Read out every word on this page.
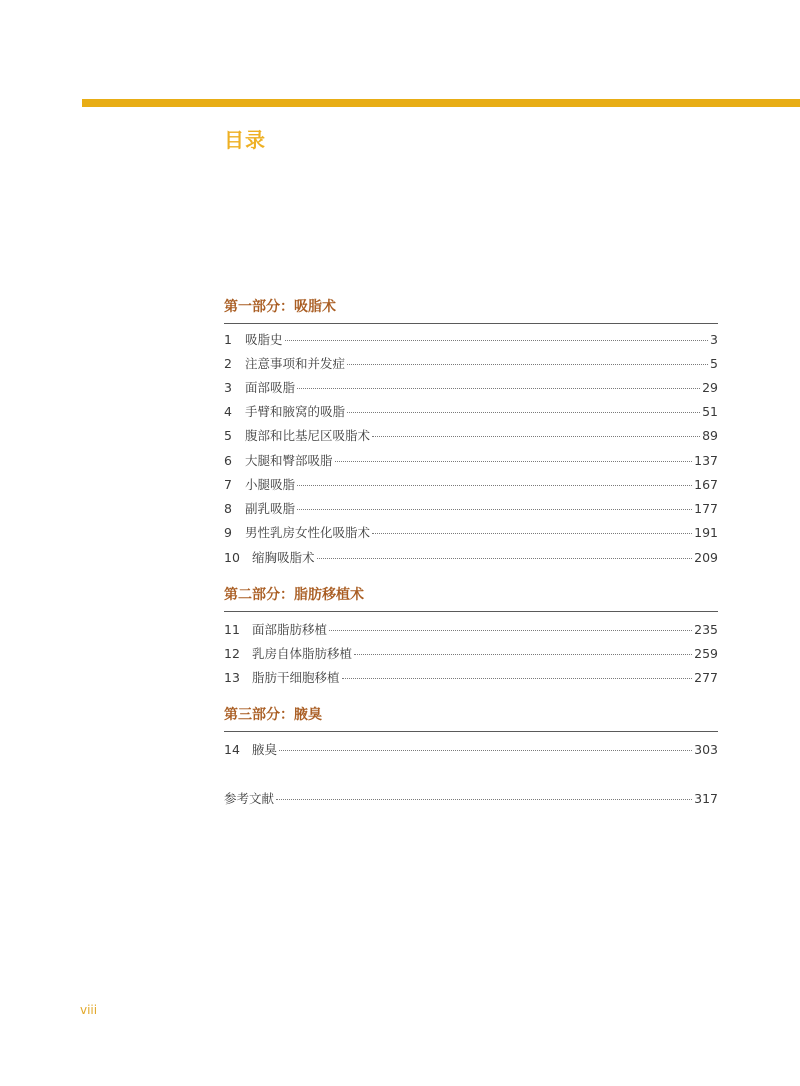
目录
第一部分：吸脂术
1	吸脂史	3
2	注意事项和并发症	5
3	面部吸脂	29
4	手臂和腋窝的吸脂	51
5	腹部和比基尼区吸脂术	89
6	大腿和臀部吸脂	137
7	小腿吸脂	167
8	副乳吸脂	177
9	男性乳房女性化吸脂术	191
10 缩胸吸脂术	209
第二部分：脂肪移植术
11 面部脂肪移植	235
12 乳房自体脂肪移植	259
13 脂肪干细胞移植	277
第三部分：腋臭
14 腋臭	303
参考文献	317
viii
